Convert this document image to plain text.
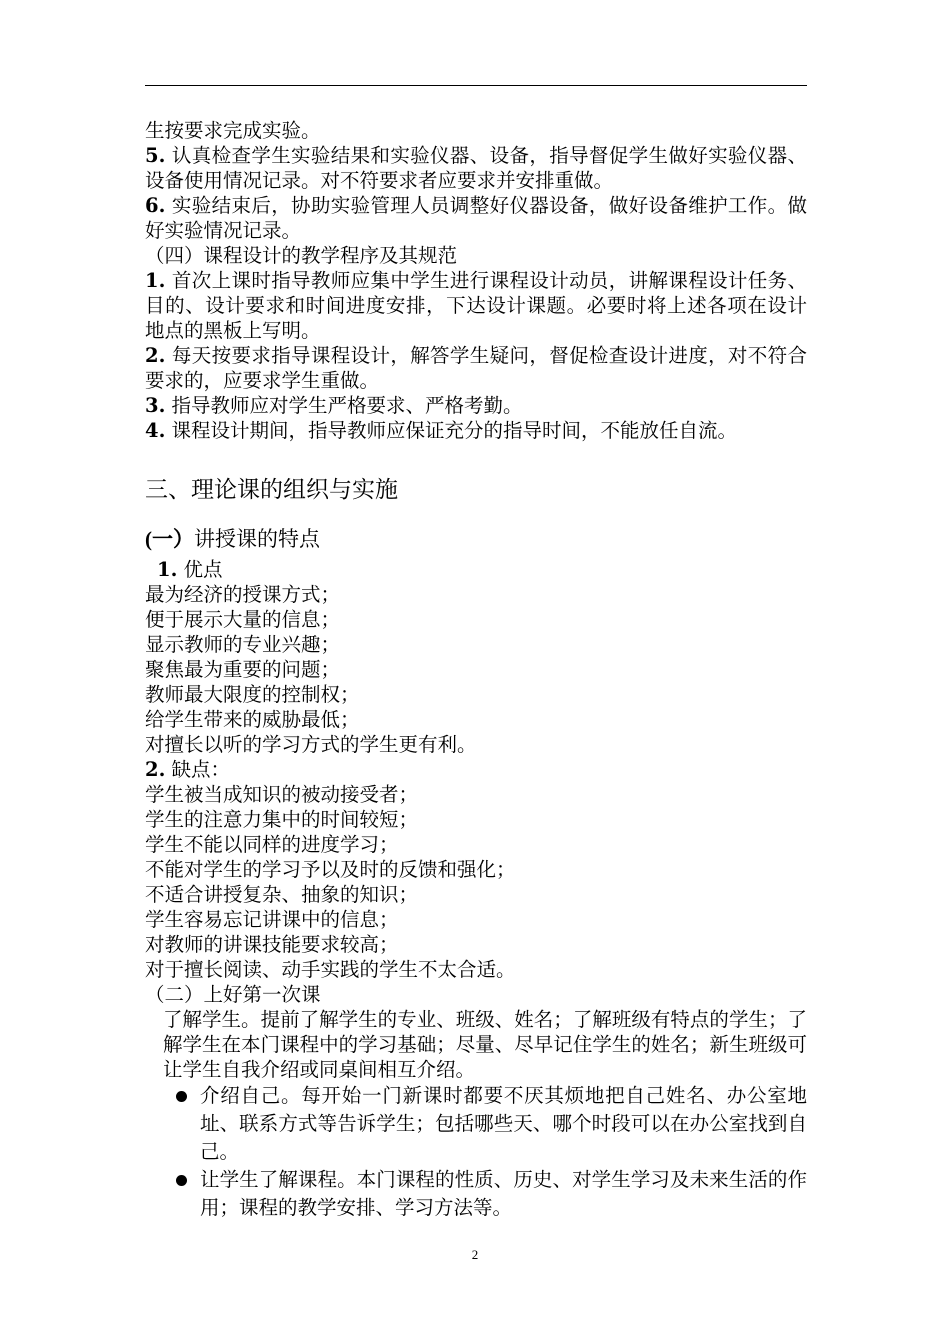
生按要求完成实验。

5. 认真检查学生实验结果和实验仪器、设备，指导督促学生做好实验仪器、设备使用情况记录。对不符要求者应要求并安排重做。

6. 实验结束后，协助实验管理人员调整好仪器设备，做好设备维护工作。做好实验情况记录。

（四）课程设计的教学程序及其规范

1. 首次上课时指导教师应集中学生进行课程设计动员，讲解课程设计任务、目的、设计要求和时间进度安排，下达设计课题。必要时将上述各项在设计地点的黑板上写明。

2. 每天按要求指导课程设计，解答学生疑问，督促检查设计进度，对不符合要求的，应要求学生重做。

3. 指导教师应对学生严格要求、严格考勤。

4. 课程设计期间，指导教师应保证充分的指导时间，不能放任自流。

三、理论课的组织与实施

(一）讲授课的特点

1. 优点

最为经济的授课方式；

便于展示大量的信息；

显示教师的专业兴趣；

聚焦最为重要的问题；

教师最大限度的控制权；

给学生带来的威胁最低；

对擅长以听的学习方式的学生更有利。

2. 缺点：

学生被当成知识的被动接受者；

学生的注意力集中的时间较短；

学生不能以同样的进度学习；

不能对学生的学习予以及时的反馈和强化；

不适合讲授复杂、抽象的知识；

学生容易忘记讲课中的信息；

对教师的讲课技能要求较高；

对于擅长阅读、动手实践的学生不太合适。

（二）上好第一次课

了解学生。提前了解学生的专业、班级、姓名；了解班级有特点的学生；了解学生在本门课程中的学习基础；尽量、尽早记住学生的姓名；新生班级可让学生自我介绍或同桌间相互介绍。

介绍自己。每开始一门新课时都要不厌其烦地把自己姓名、办公室地址、联系方式等告诉学生；包括哪些天、哪个时段可以在办公室找到自己。

让学生了解课程。本门课程的性质、历史、对学生学习及未来生活的作用；课程的教学安排、学习方法等。

2
